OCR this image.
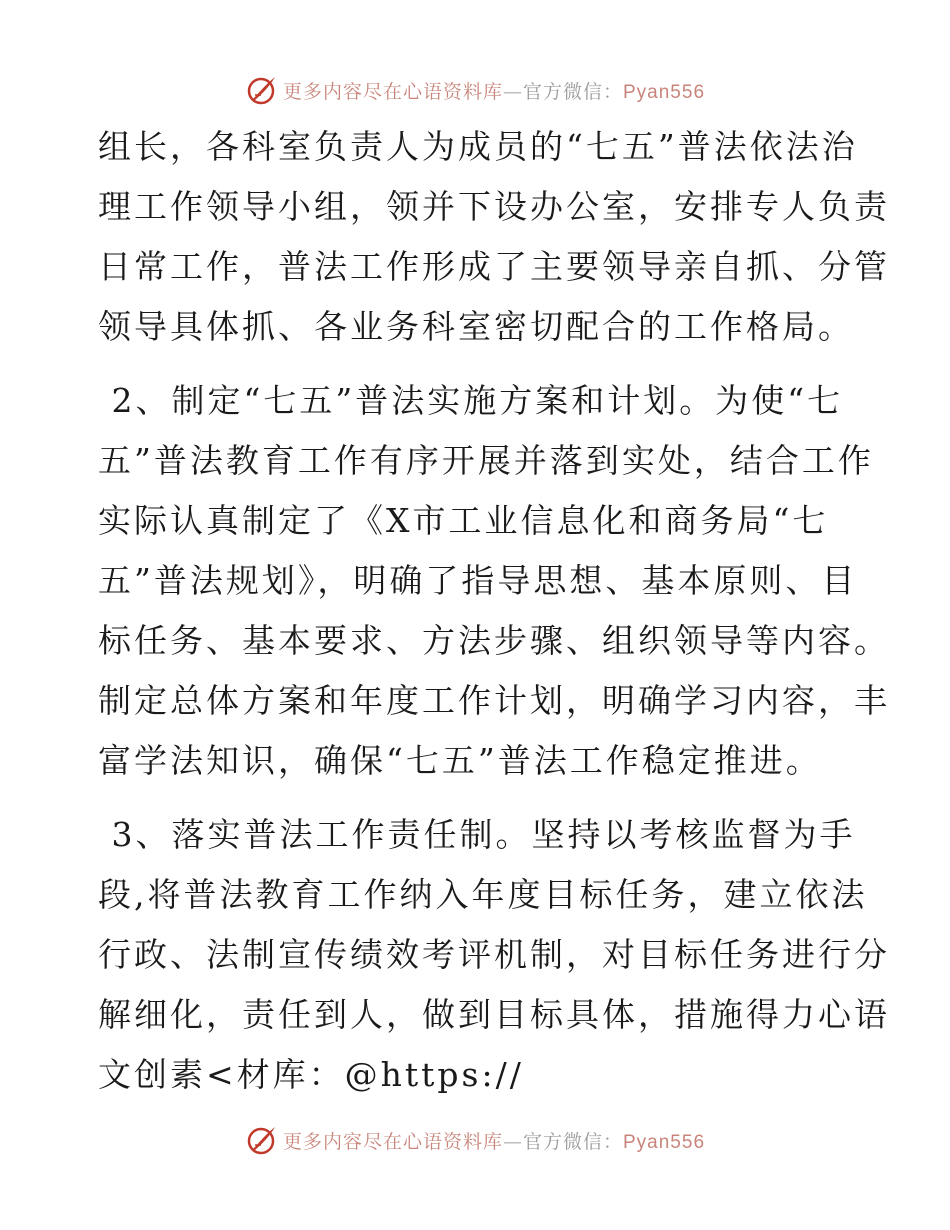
更多内容尽在心语资料库—官方微信：Pyan556
组长，各科室负责人为成员的“七五”普法依法治
理工作领导小组，领并下设办公室，安排专人负责
日常工作，普法工作形成了主要领导亲自抓、分管
领导具体抓、各业务科室密切配合的工作格局。
2、制定“七五”普法实施方案和计划。为使“七
五”普法教育工作有序开展并落到实处，结合工作
实际认真制定了《X市工业信息化和商务局“七
五”普法规划》，明确了指导思想、基本原则、目
标任务、基本要求、方法步骤、组织领导等内容。
制定总体方案和年度工作计划，明确学习内容，丰
富学法知识，确保“七五”普法工作稳定推进。
3、落实普法工作责任制。坚持以考核监督为手
段,将普法教育工作纳入年度目标任务，建立依法
行政、法制宣传绩效考评机制，对目标任务进行分
解细化，责任到人，做到目标具体，措施得力心语
文创素<材库：@https://
更多内容尽在心语资料库—官方微信：Pyan556
